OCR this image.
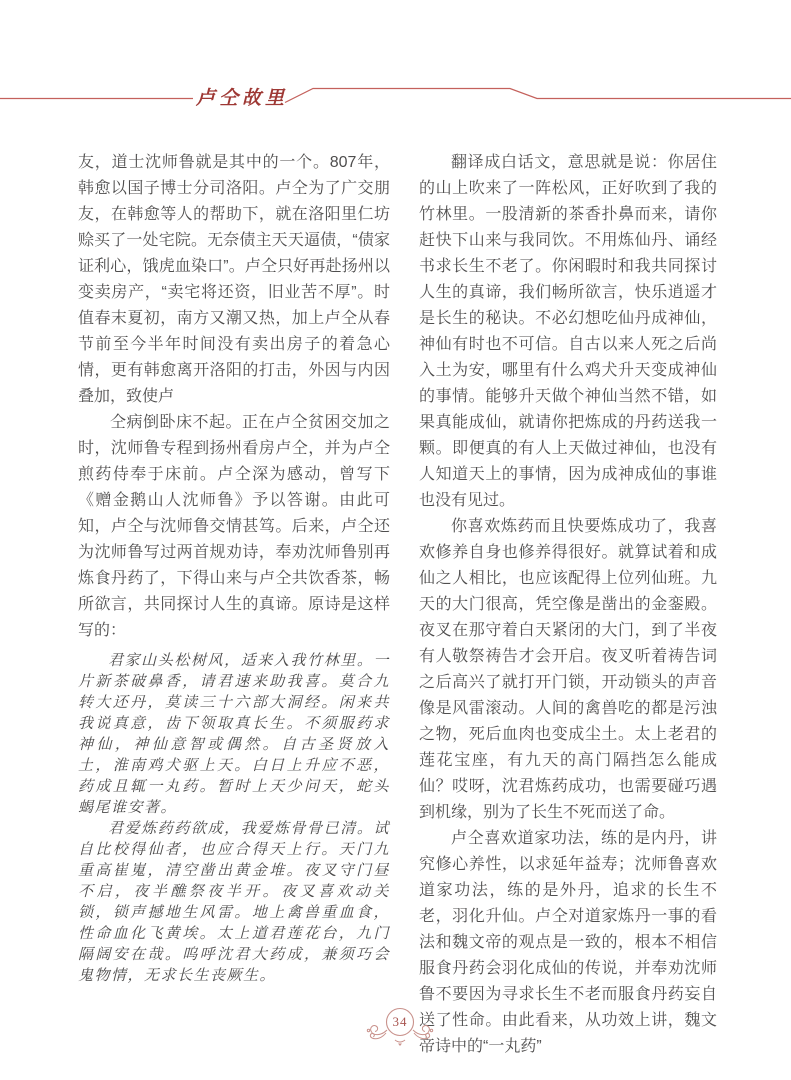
卢仝故里

友，道士沈师鲁就是其中的一个。807年，韩愈以国子博士分司洛阳。卢仝为了广交朋友，在韩愈等人的帮助下，就在洛阳里仁坊赊买了一处宅院。无奈债主天天逼债，“债家证利心，饿虎血染口”。卢仝只好再赴扬州以变卖房产，“卖宅将还资，旧业苦不厚”。时值春末夏初，南方又潮又热，加上卢仝从春节前至今半年时间没有卖出房子的着急心情，更有韩愈离开洛阳的打击，外因与内因叠加，致使卢

仝病倒卧床不起。正在卢仝贫困交加之时，沈师鲁专程到扬州看房卢仝，并为卢仝煎药侍奉于床前。卢仝深为感动，曾写下《赠金鹅山人沈师鲁》予以答谢。由此可知，卢仝与沈师鲁交情甚笃。后来，卢仝还为沈师鲁写过两首规劝诗，奉劝沈师鲁别再炼食丹药了，下得山来与卢仝共饮香茶，畅所欲言，共同探讨人生的真谛。原诗是这样写的：

君家山头松树风，适来入我竹林里。一片新茶破鼻香，请君速来助我喜。莫合九转大还丹，莫读三十六部大洞经。闲来共我说真意，齿下领取真长生。不须服药求神仙，神仙意智或偶然。自古圣贤放入土，淮南鸡犬驱上天。白日上升应不恶，药成且辄一丸药。暂时上天少问天，蛇头蝎尾谁安著。

君爱炼药药欲成，我爱炼骨骨已清。试自比校得仙者，也应合得天上行。天门九重高崔嵬，清空凿出黄金堆。夜叉守门昼不启，夜半醮祭夜半开。夜叉喜欢动关锁，锁声撼地生风雷。地上禽兽重血食，性命血化飞黄埃。太上道君莲花台，九门隔阔安在哉。呜呼沈君大药成，兼须巧会鬼物情，无求长生丧厥生。

翻译成白话文，意思就是说：你居住的山上吹来了一阵松风，正好吹到了我的竹林里。一股清新的茶香扑鼻而来，请你赶快下山来与我同饮。不用炼仙丹、诵经书求长生不老了。你闲暇时和我共同探讨人生的真谛，我们畅所欲言，快乐逍遥才是长生的秘诀。不必幻想吃仙丹成神仙，神仙有时也不可信。自古以来人死之后尚入土为安，哪里有什么鸡犬升天变成神仙的事情。能够升天做个神仙当然不错，如果真能成仙，就请你把炼成的丹药送我一颗。即便真的有人上天做过神仙，也没有人知道天上的事情，因为成神成仙的事谁也没有见过。

你喜欢炼药而且快要炼成功了，我喜欢修养自身也修养得很好。就算试着和成仙之人相比，也应该配得上位列仙班。九天的大门很高，凭空像是凿出的金銮殿。夜叉在那守着白天紧闭的大门，到了半夜有人敬祭祷告才会开启。夜叉听着祷告词之后高兴了就打开门锁，开动锁头的声音像是风雷滚动。人间的禽兽吃的都是污浊之物，死后血肉也变成尘土。太上老君的莲花宝座，有九天的高门隔挡怎么能成仙？哎呀，沈君炼药成功，也需要碰巧遇到机缘，别为了长生不死而送了命。

卢仝喜欢道家功法，练的是内丹，讲究修心养性，以求延年益寿；沈师鲁喜欢道家功法，练的是外丹，追求的长生不老，羽化升仙。卢仝对道家炼丹一事的看法和魏文帝的观点是一致的，根本不相信服食丹药会羽化成仙的传说，并奉劝沈师鲁不要因为寻求长生不老而服食丹药妄自送了性命。由此看来，从功效上讲，魏文帝诗中的“一丸药”

34
